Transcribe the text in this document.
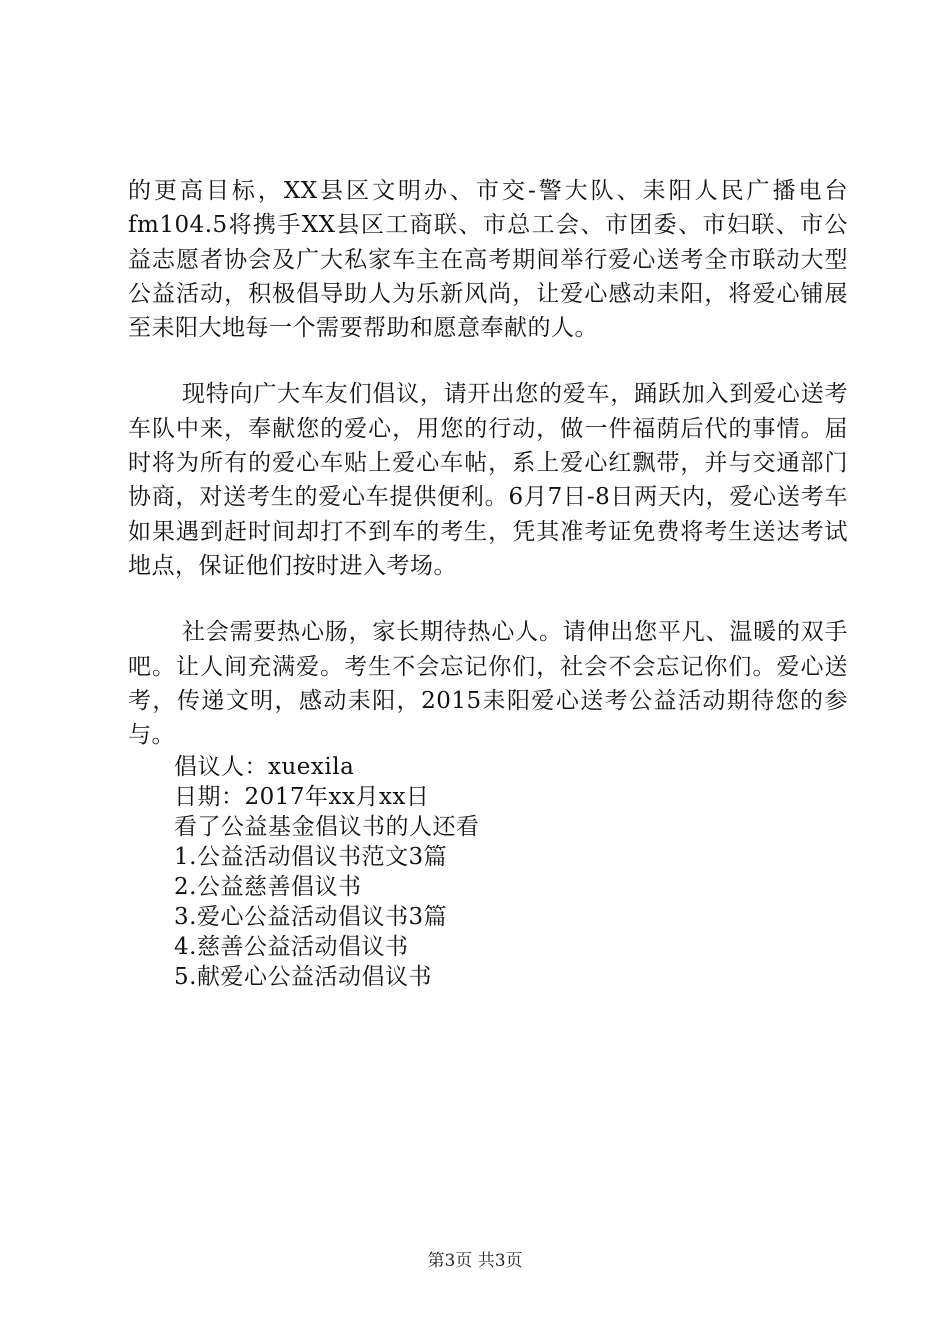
的更高目标，XX县区文明办、市交-警大队、耒阳人民广播电台fm104.5将携手XX县区工商联、市总工会、市团委、市妇联、市公益志愿者协会及广大私家车主在高考期间举行爱心送考全市联动大型公益活动，积极倡导助人为乐新风尚，让爱心感动耒阳，将爱心铺展至耒阳大地每一个需要帮助和愿意奉献的人。

现特向广大车友们倡议，请开出您的爱车，踊跃加入到爱心送考车队中来，奉献您的爱心，用您的行动，做一件福荫后代的事情。届时将为所有的爱心车贴上爱心车帖，系上爱心红飘带，并与交通部门协商，对送考生的爱心车提供便利。6月7日-8日两天内，爱心送考车如果遇到赶时间却打不到车的考生，凭其准考证免费将考生送达考试地点，保证他们按时进入考场。

社会需要热心肠，家长期待热心人。请伸出您平凡、温暖的双手吧。让人间充满爱。考生不会忘记你们，社会不会忘记你们。爱心送考，传递文明，感动耒阳，2015耒阳爱心送考公益活动期待您的参与。

倡议人：xuexila

日期：2017年xx月xx日

看了公益基金倡议书的人还看

1.公益活动倡议书范文3篇
2.公益慈善倡议书
3.爱心公益活动倡议书3篇
4.慈善公益活动倡议书
5.献爱心公益活动倡议书
第3页 共3页
